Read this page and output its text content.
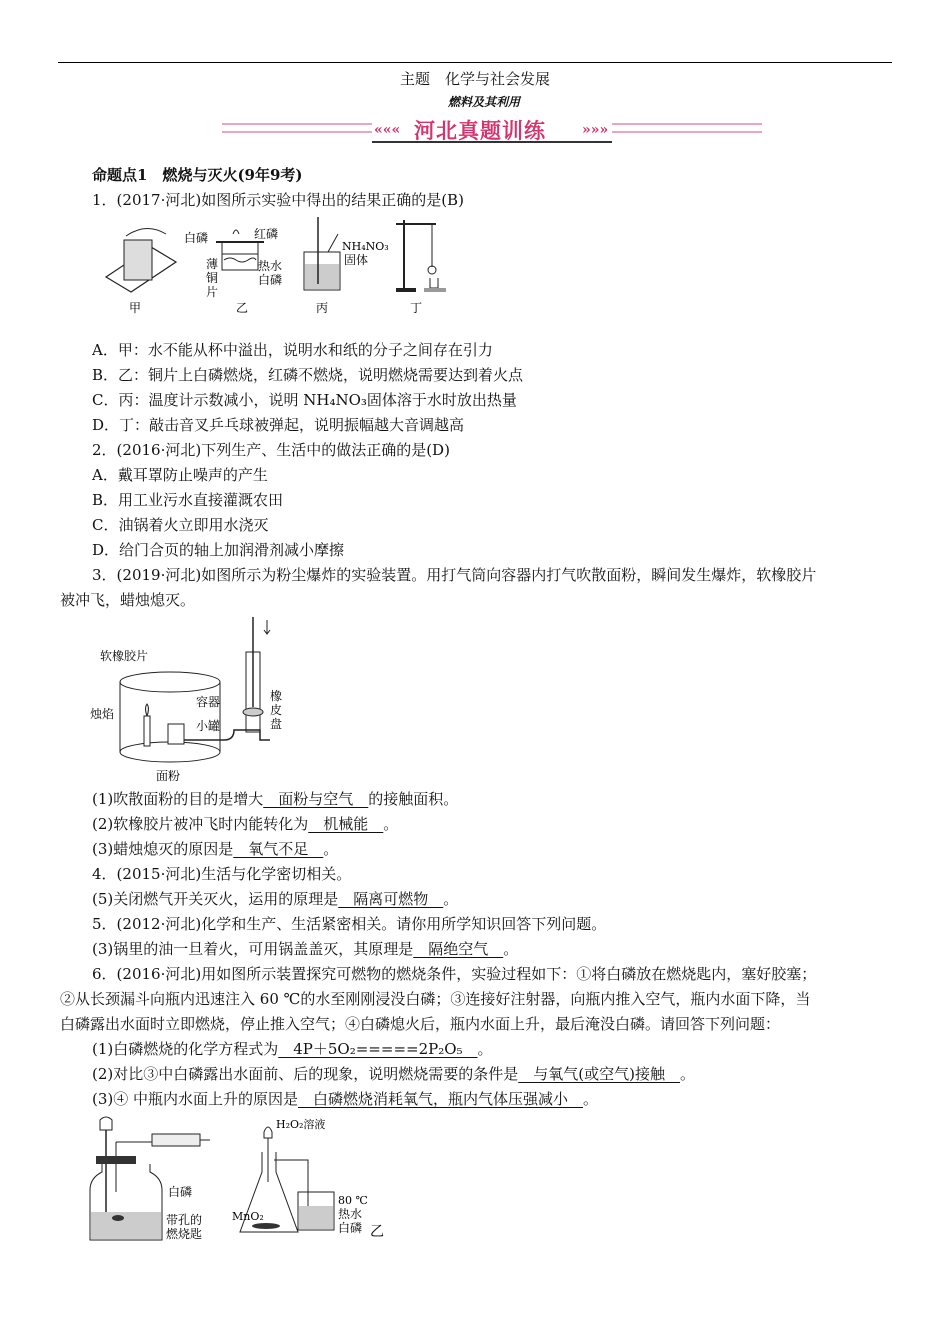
主题　化学与社会发展
燃料及其利用
«««	»»»
河北真题训练
命题点1　燃烧与灭火(9年9考)
1．(2017·河北)如图所示实验中得出的结果正确的是(B)
白磷	红磷
薄
铜
片
热水
白磷
NH₄NO₃
固体
甲	乙	丙	丁
A．甲：水不能从杯中溢出，说明水和纸的分子之间存在引力
B．乙：铜片上白磷燃烧，红磷不燃烧，说明燃烧需要达到着火点
C．丙：温度计示数减小，说明 NH₄NO₃固体溶于水时放出热量
D．丁：敲击音叉乒乓球被弹起，说明振幅越大音调越高
2．(2016·河北)下列生产、生活中的做法正确的是(D)
A．戴耳罩防止噪声的产生
B．用工业污水直接灌溉农田
C．油锅着火立即用水浇灭
D．给门合页的轴上加润滑剂减小摩擦
3．(2019·河北)如图所示为粉尘爆炸的实验装置。用打气筒向容器内打气吹散面粉，瞬间发生爆炸，软橡胶片
被冲飞，蜡烛熄灭。
软橡胶片
容器
烛焰
小罐
面粉
橡
皮
盘
(1)吹散面粉的目的是增大　面粉与空气　的接触面积。
(2)软橡胶片被冲飞时内能转化为　机械能　。
(3)蜡烛熄灭的原因是　氧气不足　。
4．(2015·河北)生活与化学密切相关。
(5)关闭燃气开关灭火，运用的原理是　隔离可燃物　。
5．(2012·河北)化学和生产、生活紧密相关。请你用所学知识回答下列问题。
(3)锅里的油一旦着火，可用锅盖盖灭，其原理是　隔绝空气　。
6．(2016·河北)用如图所示装置探究可燃物的燃烧条件，实验过程如下：①将白磷放在燃烧匙内，塞好胶塞；
②从长颈漏斗向瓶内迅速注入 60 ℃的水至刚刚浸没白磷；③连接好注射器，向瓶内推入空气，瓶内水面下降，当
白磷露出水面时立即燃烧，停止推入空气；④白磷熄火后，瓶内水面上升，最后淹没白磷。请回答下列问题：
(1)白磷燃烧的化学方程式为　4P＋5O₂=====2P₂O₅　。
(2)对比③中白磷露出水面前、后的现象，说明燃烧需要的条件是　与氧气(或空气)接触　。
(3)④ 中瓶内水面上升的原因是　白磷燃烧消耗氧气，瓶内气体压强减小　。
白磷
带孔的
燃烧匙
H₂O₂溶液
MnO₂
80 ℃
热水
白磷 乙
